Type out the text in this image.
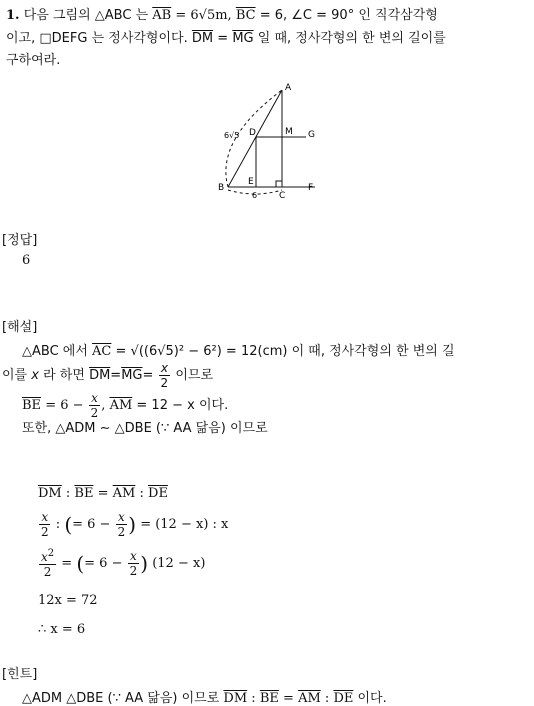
1. 다음 그림의 △ABC 는 $\overline{AB} = 6√5m$, $\overline{BC} = 6$, ∠C = 90° 인 직각삼각형
이고, □DEFG 는 정사각형이다. $\overline{DM} = \overline{MG}$ 일 때, 정사각형의 한 변의 길이를
구하여라.
A
D	M G
B
E
C
F
6√5
6
[정답]
6
[해설]
△ABC 에서 $\overline{AC} = √((6√5)^2 - 6^2) = 12(cm)$ 이 때, 정사각형의 한 변의 길
이를 x 라 하면 $\overline{DM}=\overline{MG}= \frac{x}{2}$ 이므로
$\overline{BE} = 6 - \frac{x}{2}$ , $\overline{AM} = 12 - x$ 이다.
또한, △ADM ∼ △DBE (∵ AA 닮음) 이므로
$\overline{DM}$ : $\overline{BE} = \overline{AM}$ : $\overline{DE}$
$\frac{x}{2}$ : (= $6 - \frac{x}{2}$ ) = (12 − x) : x
$\frac{x^2}{2}$ = (= $6 - \frac{x}{2}$ ) (12 − x)
12x = 72
∴ x = 6
[힌트]
△ADM △DBE (∵ AA 닮음) 이므로 $\overline{DM}$ : $\overline{BE} = \overline{AM}$ : $\overline{DE}$ 이다.
